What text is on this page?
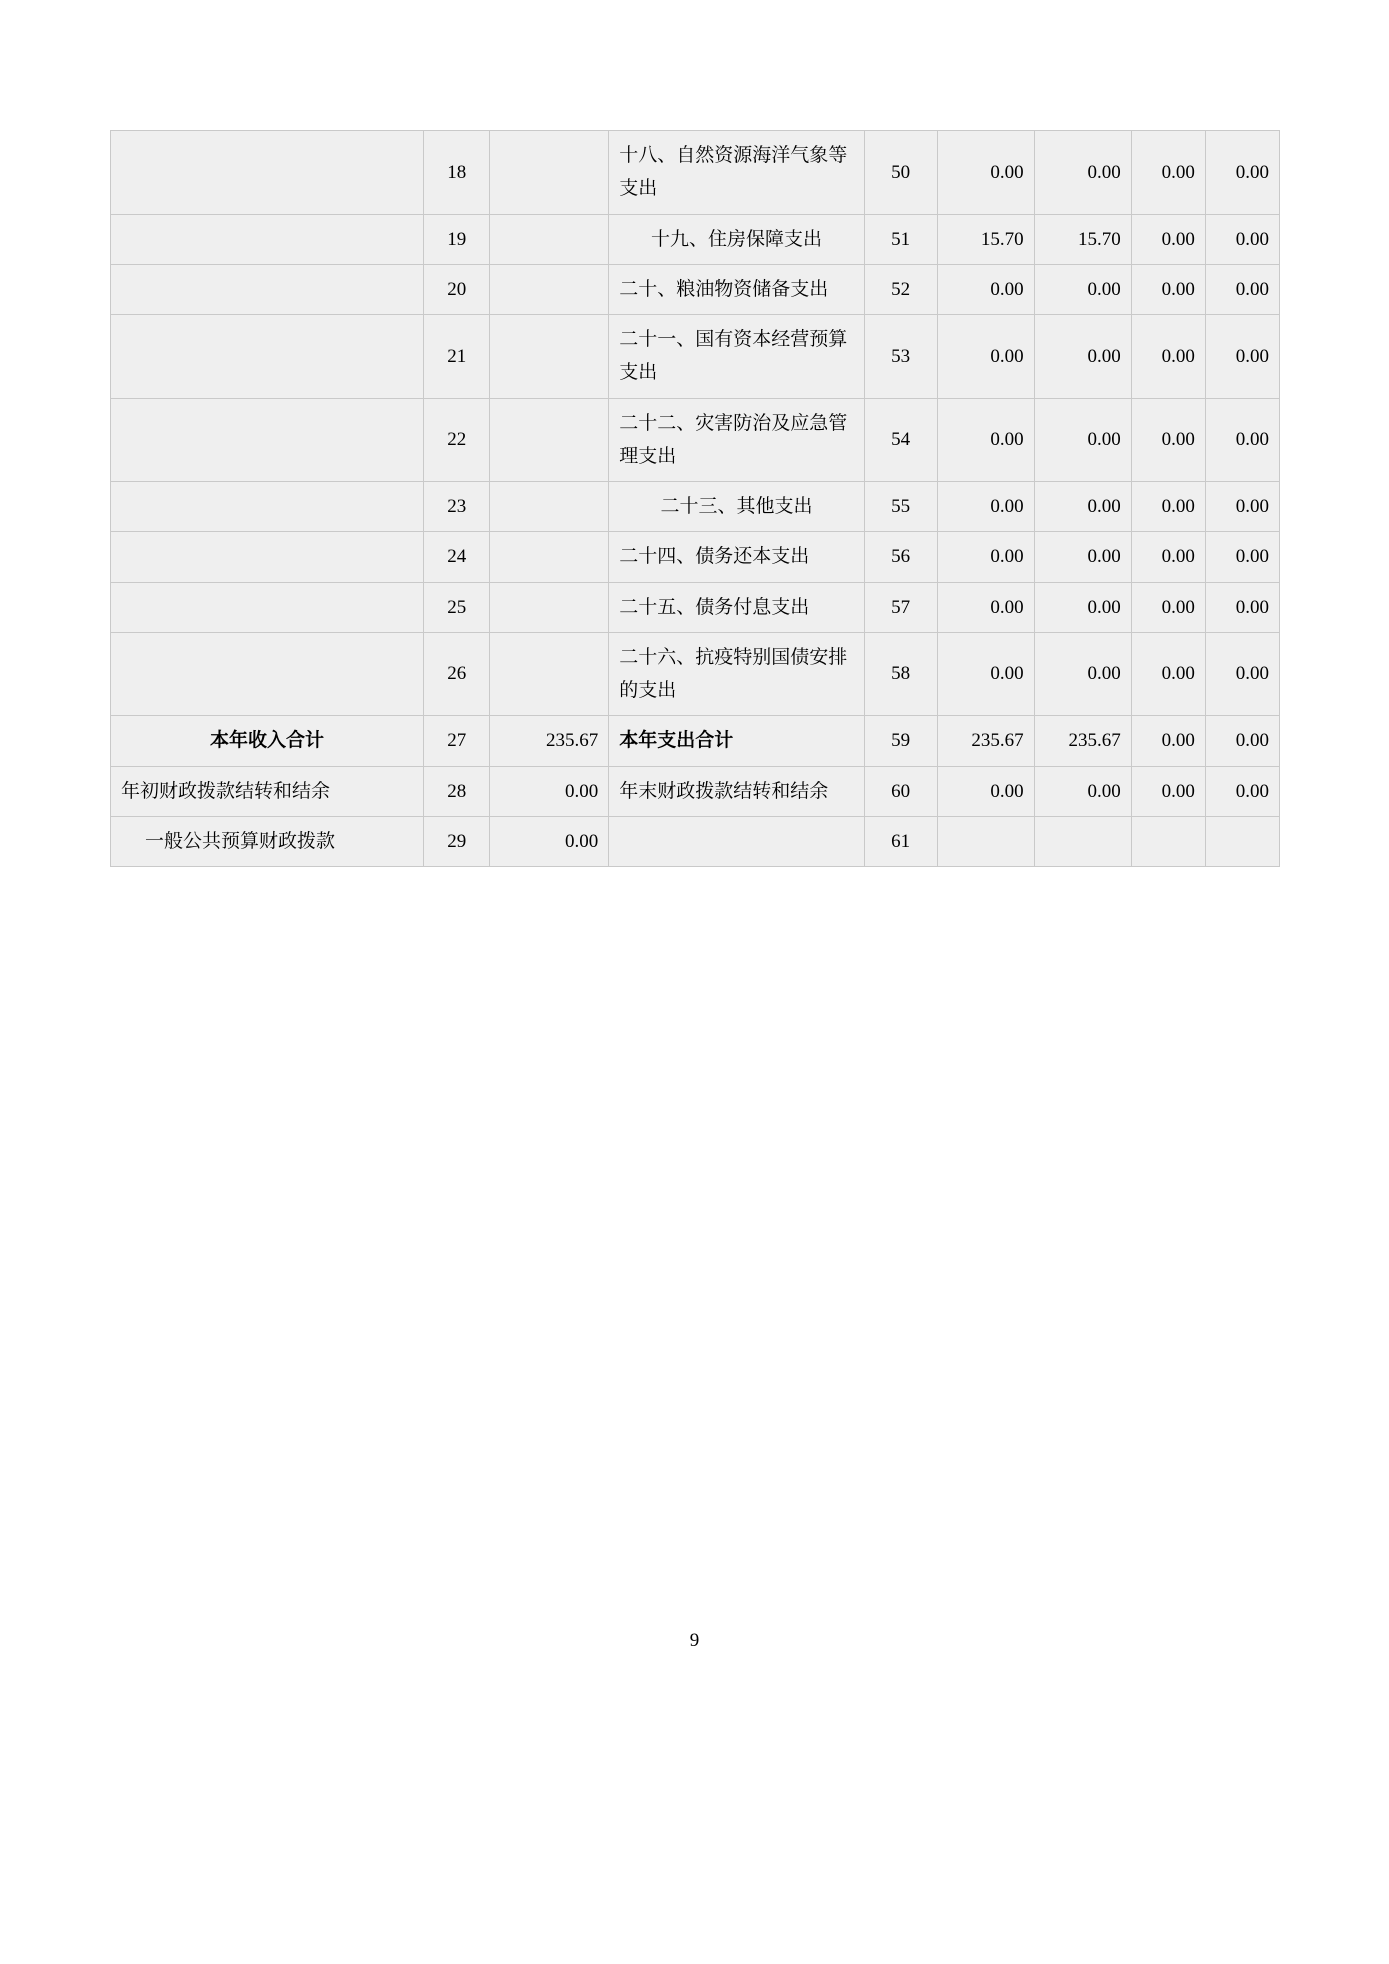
	18		十八、自然资源海洋气象等支出	50	0.00	0.00	0.00	0.00
	19		十九、住房保障支出	51	15.70	15.70	0.00	0.00
	20		二十、粮油物资储备支出	52	0.00	0.00	0.00	0.00
	21		二十一、国有资本经营预算支出	53	0.00	0.00	0.00	0.00
	22		二十二、灾害防治及应急管理支出	54	0.00	0.00	0.00	0.00
	23		二十三、其他支出	55	0.00	0.00	0.00	0.00
	24		二十四、债务还本支出	56	0.00	0.00	0.00	0.00
	25		二十五、债务付息支出	57	0.00	0.00	0.00	0.00
	26		二十六、抗疫特别国债安排的支出	58	0.00	0.00	0.00	0.00
本年收入合计	27	235.67	本年支出合计	59	235.67	235.67	0.00	0.00
年初财政拨款结转和结余	28	0.00	年末财政拨款结转和结余	60	0.00	0.00	0.00	0.00
一般公共预算财政拨款	29	0.00		61				
9
